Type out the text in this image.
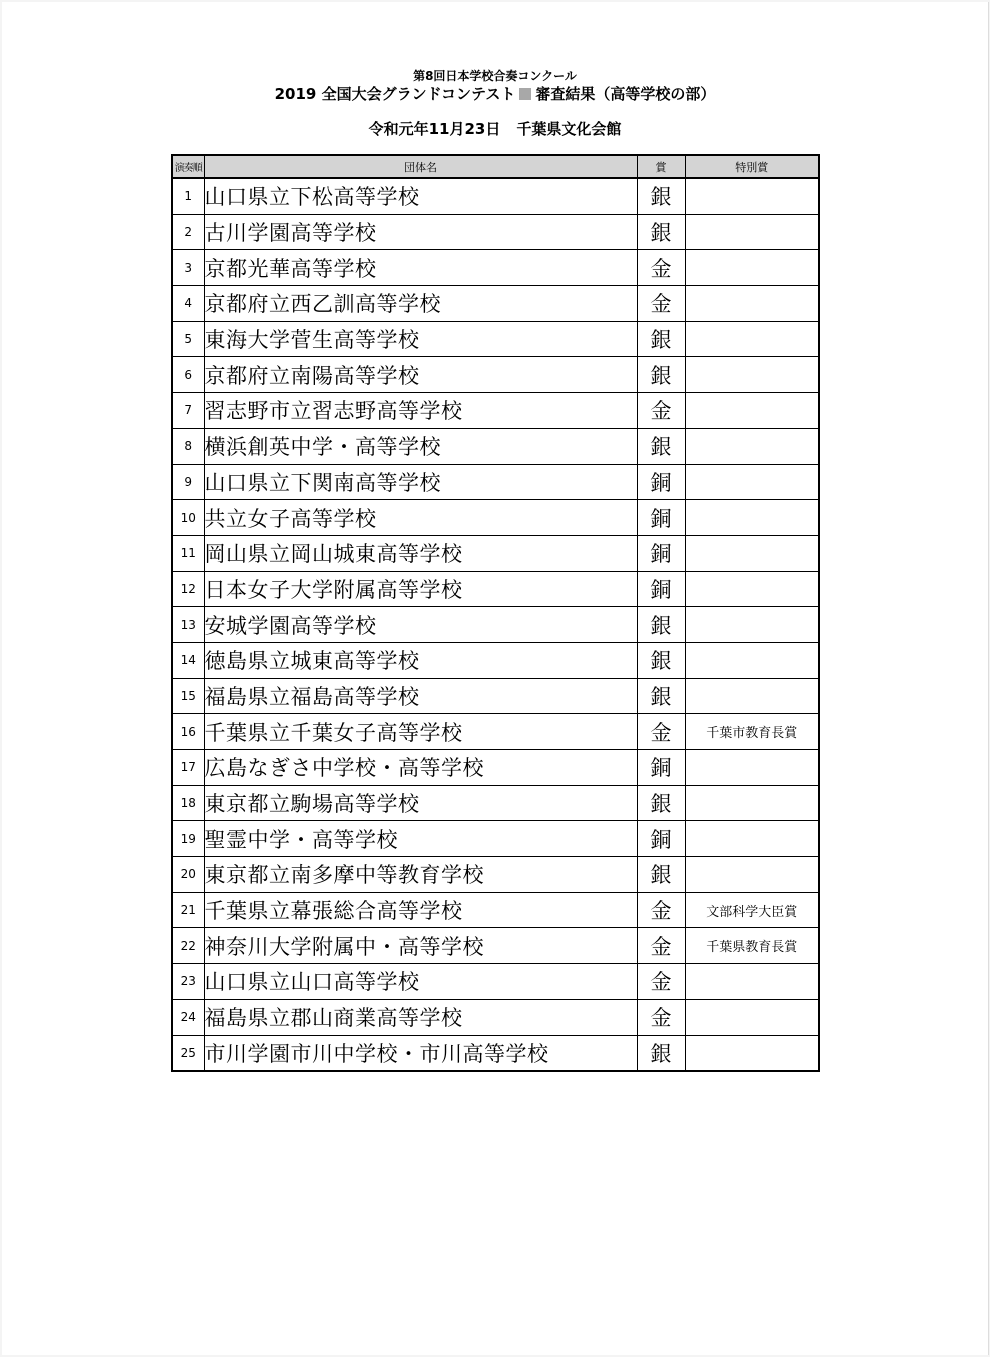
第8回日本学校合奏コンクール
2019 全国大会グランドコンテスト 審査結果（高等学校の部）
令和元年11月23日 千葉県文化会館
演奏順	団体名	賞	特別賞
1	山口県立下松高等学校	銀	
2	古川学園高等学校	銀	
3	京都光華高等学校	金	
4	京都府立西乙訓高等学校	金	
5	東海大学菅生高等学校	銀	
6	京都府立南陽高等学校	銀	
7	習志野市立習志野高等学校	金	
8	横浜創英中学・高等学校	銀	
9	山口県立下関南高等学校	銅	
10	共立女子高等学校	銅	
11	岡山県立岡山城東高等学校	銅	
12	日本女子大学附属高等学校	銅	
13	安城学園高等学校	銀	
14	徳島県立城東高等学校	銀	
15	福島県立福島高等学校	銀	
16	千葉県立千葉女子高等学校	金	千葉市教育長賞
17	広島なぎさ中学校・高等学校	銅	
18	東京都立駒場高等学校	銀	
19	聖霊中学・高等学校	銅	
20	東京都立南多摩中等教育学校	銀	
21	千葉県立幕張総合高等学校	金	文部科学大臣賞
22	神奈川大学附属中・高等学校	金	千葉県教育長賞
23	山口県立山口高等学校	金	
24	福島県立郡山商業高等学校	金	
25	市川学園市川中学校・市川高等学校	銀	
